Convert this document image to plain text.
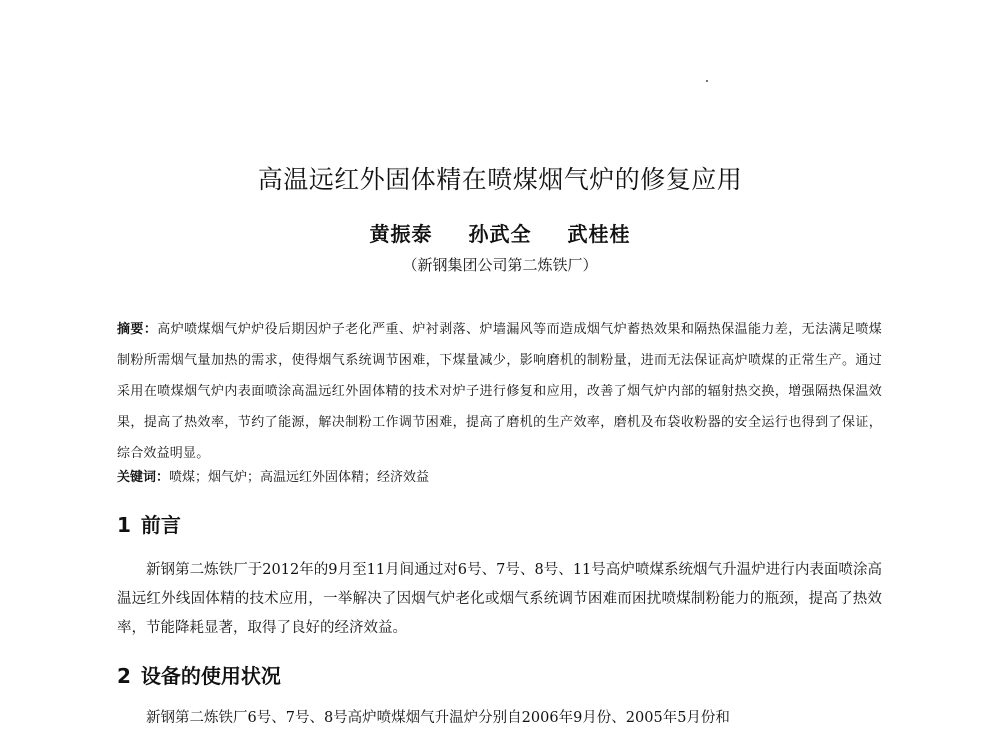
高温远红外固体精在喷煤烟气炉的修复应用
黄振泰 孙武全 武桂桂
（新钢集团公司第二炼铁厂）
摘要：高炉喷煤烟气炉炉役后期因炉子老化严重、炉衬剥落、炉墙漏风等而造成烟气炉蓄热效果和隔热保温能力差，无法满足喷煤制粉所需烟气量加热的需求，使得烟气系统调节困难，下煤量减少，影响磨机的制粉量，进而无法保证高炉喷煤的正常生产。通过采用在喷煤烟气炉内表面喷涂高温远红外固体精的技术对炉子进行修复和应用，改善了烟气炉内部的辐射热交换，增强隔热保温效果，提高了热效率，节约了能源，解决制粉工作调节困难，提高了磨机的生产效率，磨机及布袋收粉器的安全运行也得到了保证，综合效益明显。
关键词：喷煤；烟气炉；高温远红外固体精；经济效益
1 前言
新钢第二炼铁厂于2012年的9月至11月间通过对6号、7号、8号、11号高炉喷煤系统烟气升温炉进行内表面喷涂高温远红外线固体精的技术应用，一举解决了因烟气炉老化或烟气系统调节困难而困扰喷煤制粉能力的瓶颈，提高了热效率，节能降耗显著，取得了良好的经济效益。
2 设备的使用状况
新钢第二炼铁厂6号、7号、8号高炉喷煤烟气升温炉分别自2006年9月份、2005年5月份和
